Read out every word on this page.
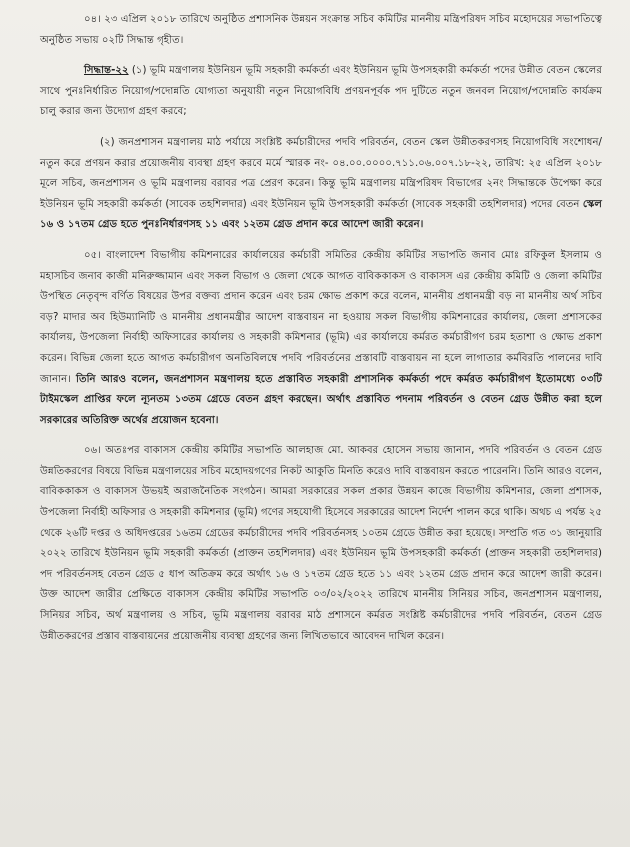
০৪। ২৩ এপ্রিল ২০১৮ তারিখে অনুষ্ঠিত প্রশাসনিক উন্নয়ন সংক্রান্ত সচিব কমিটির মাননীয় মন্ত্রিপরিষদ সচিব মহোদয়ের সভাপতিত্বে অনুষ্ঠিত সভায় ০২টি সিদ্ধান্ত গৃহীত।

সিদ্ধান্ত-২২ (১) ভূমি মন্ত্রণালয় ইউনিয়ন ভূমি সহকারী কর্মকর্তা এবং ইউনিয়ন ভূমি উপসহকারী কর্মকর্তা পদের উন্নীত বেতন স্কেলের সাথে পুনঃনির্ধারিত নিয়োগ/পদোন্নতি যোগ্যতা অনুযায়ী নতুন নিয়োগবিধি প্রণয়নপূর্বক পদ দুটিতে নতুন জনবল নিয়োগ/পদোন্নতি কার্যক্রম চালু করার জন্য উদ্যোগ গ্রহণ করবে;

(২) জনপ্রশাসন মন্ত্রণালয় মাঠ পর্যায়ে সংশ্লিষ্ট কর্মচারীদের পদবি পরিবর্তন, বেতন স্কেল উন্নীতকরণসহ নিয়োগবিধি সংশোধন/নতুন করে প্রণয়ন করার প্রয়োজনীয় ব্যবস্থা গ্রহণ করবে মর্মে স্মারক নং- ০৪.০০.০০০০.৭১১.০৬.০০৭.১৮-২২, তারিখ: ২৫ এপ্রিল ২০১৮ মূলে সচিব, জনপ্রশাসন ও ভূমি মন্ত্রণালয় বরাবর পত্র প্রেরণ করেন। কিন্তু ভূমি মন্ত্রণালয় মন্ত্রিপরিষদ বিভাগের ২নং সিদ্ধান্তকে উপেক্ষা করে ইউনিয়ন ভূমি সহকারী কর্মকর্তা (সাবেক তহশিলদার) এবং ইউনিয়ন ভূমি উপসহকারী কর্মকর্তা (সাবেক সহকারী তহশিলদার) পদের বেতন স্কেল ১৬ ও ১৭তম গ্রেড হতে পুনঃনির্ধারণসহ ১১ এবং ১২তম গ্রেড প্রদান করে আদেশ জারী করেন।

০৫। বাংলাদেশ বিভাগীয় কমিশনারের কার্যালয়ের কর্মচারী সমিতির কেন্দ্রীয় কমিটির সভাপতি জনাব মোঃ রফিকুল ইসলাম ও মহাসচিব জনাব কাজী মনিরুজ্জামান এবং সকল বিভাগ ও জেলা থেকে আগত বাবিককাকস ও বাকাসস এর কেন্দ্রীয় কমিটি ও জেলা কমিটির উপস্থিত নেতৃবৃন্দ বর্ণিত বিষয়ের উপর বক্তব্য প্রদান করেন এবং চরম ক্ষোভ প্রকাশ করে বলেন, মাননীয় প্রধানমন্ত্রী বড় না মাননীয় অর্থ সচিব বড়? মাদার অব হিউম্যানিটি ও মাননীয় প্রধানমন্ত্রীর আদেশ বাস্তবায়ন না হওয়ায় সকল বিভাগীয় কমিশনারের কার্যালয়, জেলা প্রশাসকের কার্যালয়, উপজেলা নির্বাহী অফিসারের কার্যালয় ও সহকারী কমিশনার (ভূমি) এর কার্যালয়ে কর্মরত কর্মচারীগণ চরম হতাশা ও ক্ষোভ প্রকাশ করেন। বিভিন্ন জেলা হতে আগত কর্মচারীগণ অনতিবিলম্বে পদবি পরিবর্তনের প্রস্তাবটি বাস্তবায়ন না হলে লাগাতার কর্মবিরতি পালনের দাবি জানান। তিনি আরও বলেন, জনপ্রশাসন মন্ত্রণালয় হতে প্রস্তাবিত সহকারী প্রশাসনিক কর্মকর্তা পদে কর্মরত কর্মচারীগণ ইতোমধ্যে ০৩টি টাইমস্কেল প্রাপ্তির ফলে ন্যূনতম ১৩তম গ্রেডে বেতন গ্রহণ করছেন। অর্থাৎ প্রস্তাবিত পদনাম পরিবর্তন ও বেতন গ্রেড উন্নীত করা হলে সরকারের অতিরিক্ত অর্থের প্রয়োজন হবেনা।

০৬। অতঃপর বাকাসস কেন্দ্রীয় কমিটির সভাপতি আলহাজ মো. আকবর হোসেন সভায় জানান, পদবি পরিবর্তন ও বেতন গ্রেড উন্নতিকরণের বিষয়ে বিভিন্ন মন্ত্রণালয়ের সচিব মহোদয়গণের নিকট আকুতি মিনতি করেও দাবি বাস্তবায়ন করতে পারেননি। তিনি আরও বলেন, বাবিককাকস ও বাকাসস উভয়ই অরাজনৈতিক সংগঠন। আমরা সরকারের সকল প্রকার উন্নয়ন কাজে বিভাগীয় কমিশনার, জেলা প্রশাসক, উপজেলা নির্বাহী অফিসার ও সহকারী কমিশনার (ভূমি) গণের সহযোগী হিসেবে সরকারের আদেশ নির্দেশ পালন করে থাকি। অথচ এ পর্যন্ত ২৫ থেকে ২৬টি দপ্তর ও অধিদপ্তরের ১৬তম গ্রেডের কর্মচারীদের পদবি পরিবর্তনসহ ১০তম গ্রেডে উন্নীত করা হয়েছে। সম্প্রতি গত ৩১ জানুয়ারি ২০২২ তারিখে ইউনিয়ন ভূমি সহকারী কর্মকর্তা (প্রাক্তন তহশিলদার) এবং ইউনিয়ন ভূমি উপসহকারী কর্মকর্তা (প্রাক্তন সহকারী তহশিলদার) পদ পরিবর্তনসহ বেতন গ্রেড ৫ ধাপ অতিক্রম করে অর্থাৎ ১৬ ও ১৭তম গ্রেড হতে ১১ এবং ১২তম গ্রেড প্রদান করে আদেশ জারী করেন। উক্ত আদেশ জারীর প্রেক্ষিতে বাকাসস কেন্দ্রীয় কমিটির সভাপতি ০৩/০২/২০২২ তারিখে মাননীয় সিনিয়র সচিব, জনপ্রশাসন মন্ত্রণালয়, সিনিয়র সচিব, অর্থ মন্ত্রণালয় ও সচিব, ভূমি মন্ত্রণালয় বরাবর মাঠ প্রশাসনে কর্মরত সংশ্লিষ্ট কর্মচারীদের পদবি পরিবর্তন, বেতন গ্রেড উন্নীতকরণের প্রস্তাব বাস্তবায়নের প্রয়োজনীয় ব্যবস্থা গ্রহণের জন্য লিখিতভাবে আবেদন দাখিল করেন।
